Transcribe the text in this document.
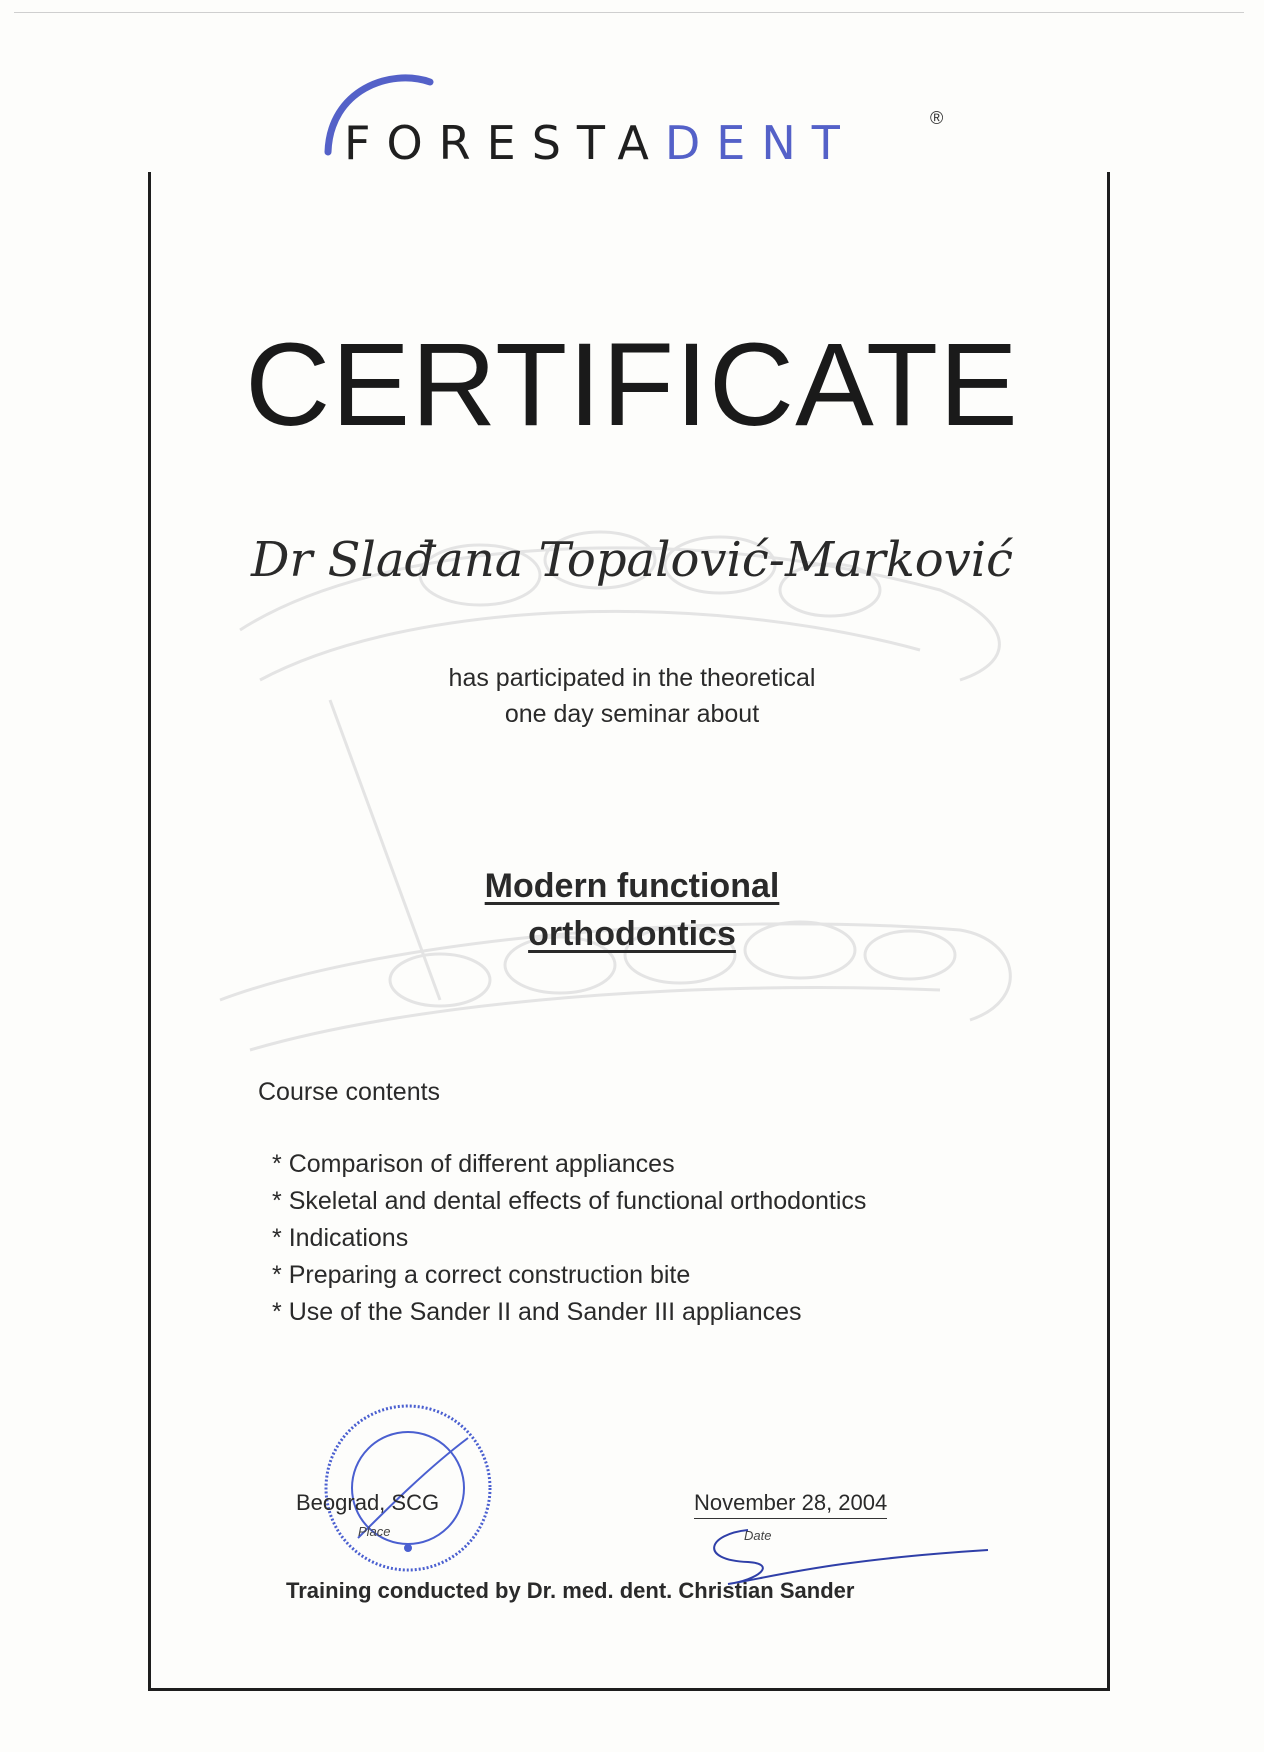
FORESTADENT	®
CERTIFICATE
Dr Slađana Topalović-Marković
has participated in the theoretical
one day seminar about
Modern functional
orthodontics
Course contents
* Comparison of different appliances
* Skeletal and dental effects of functional orthodontics
* Indications
* Preparing a correct construction bite
* Use of the Sander II and Sander III appliances
Beograd, SCG
Place
November 28, 2004
Date
Training conducted by Dr. med. dent. Christian Sander
